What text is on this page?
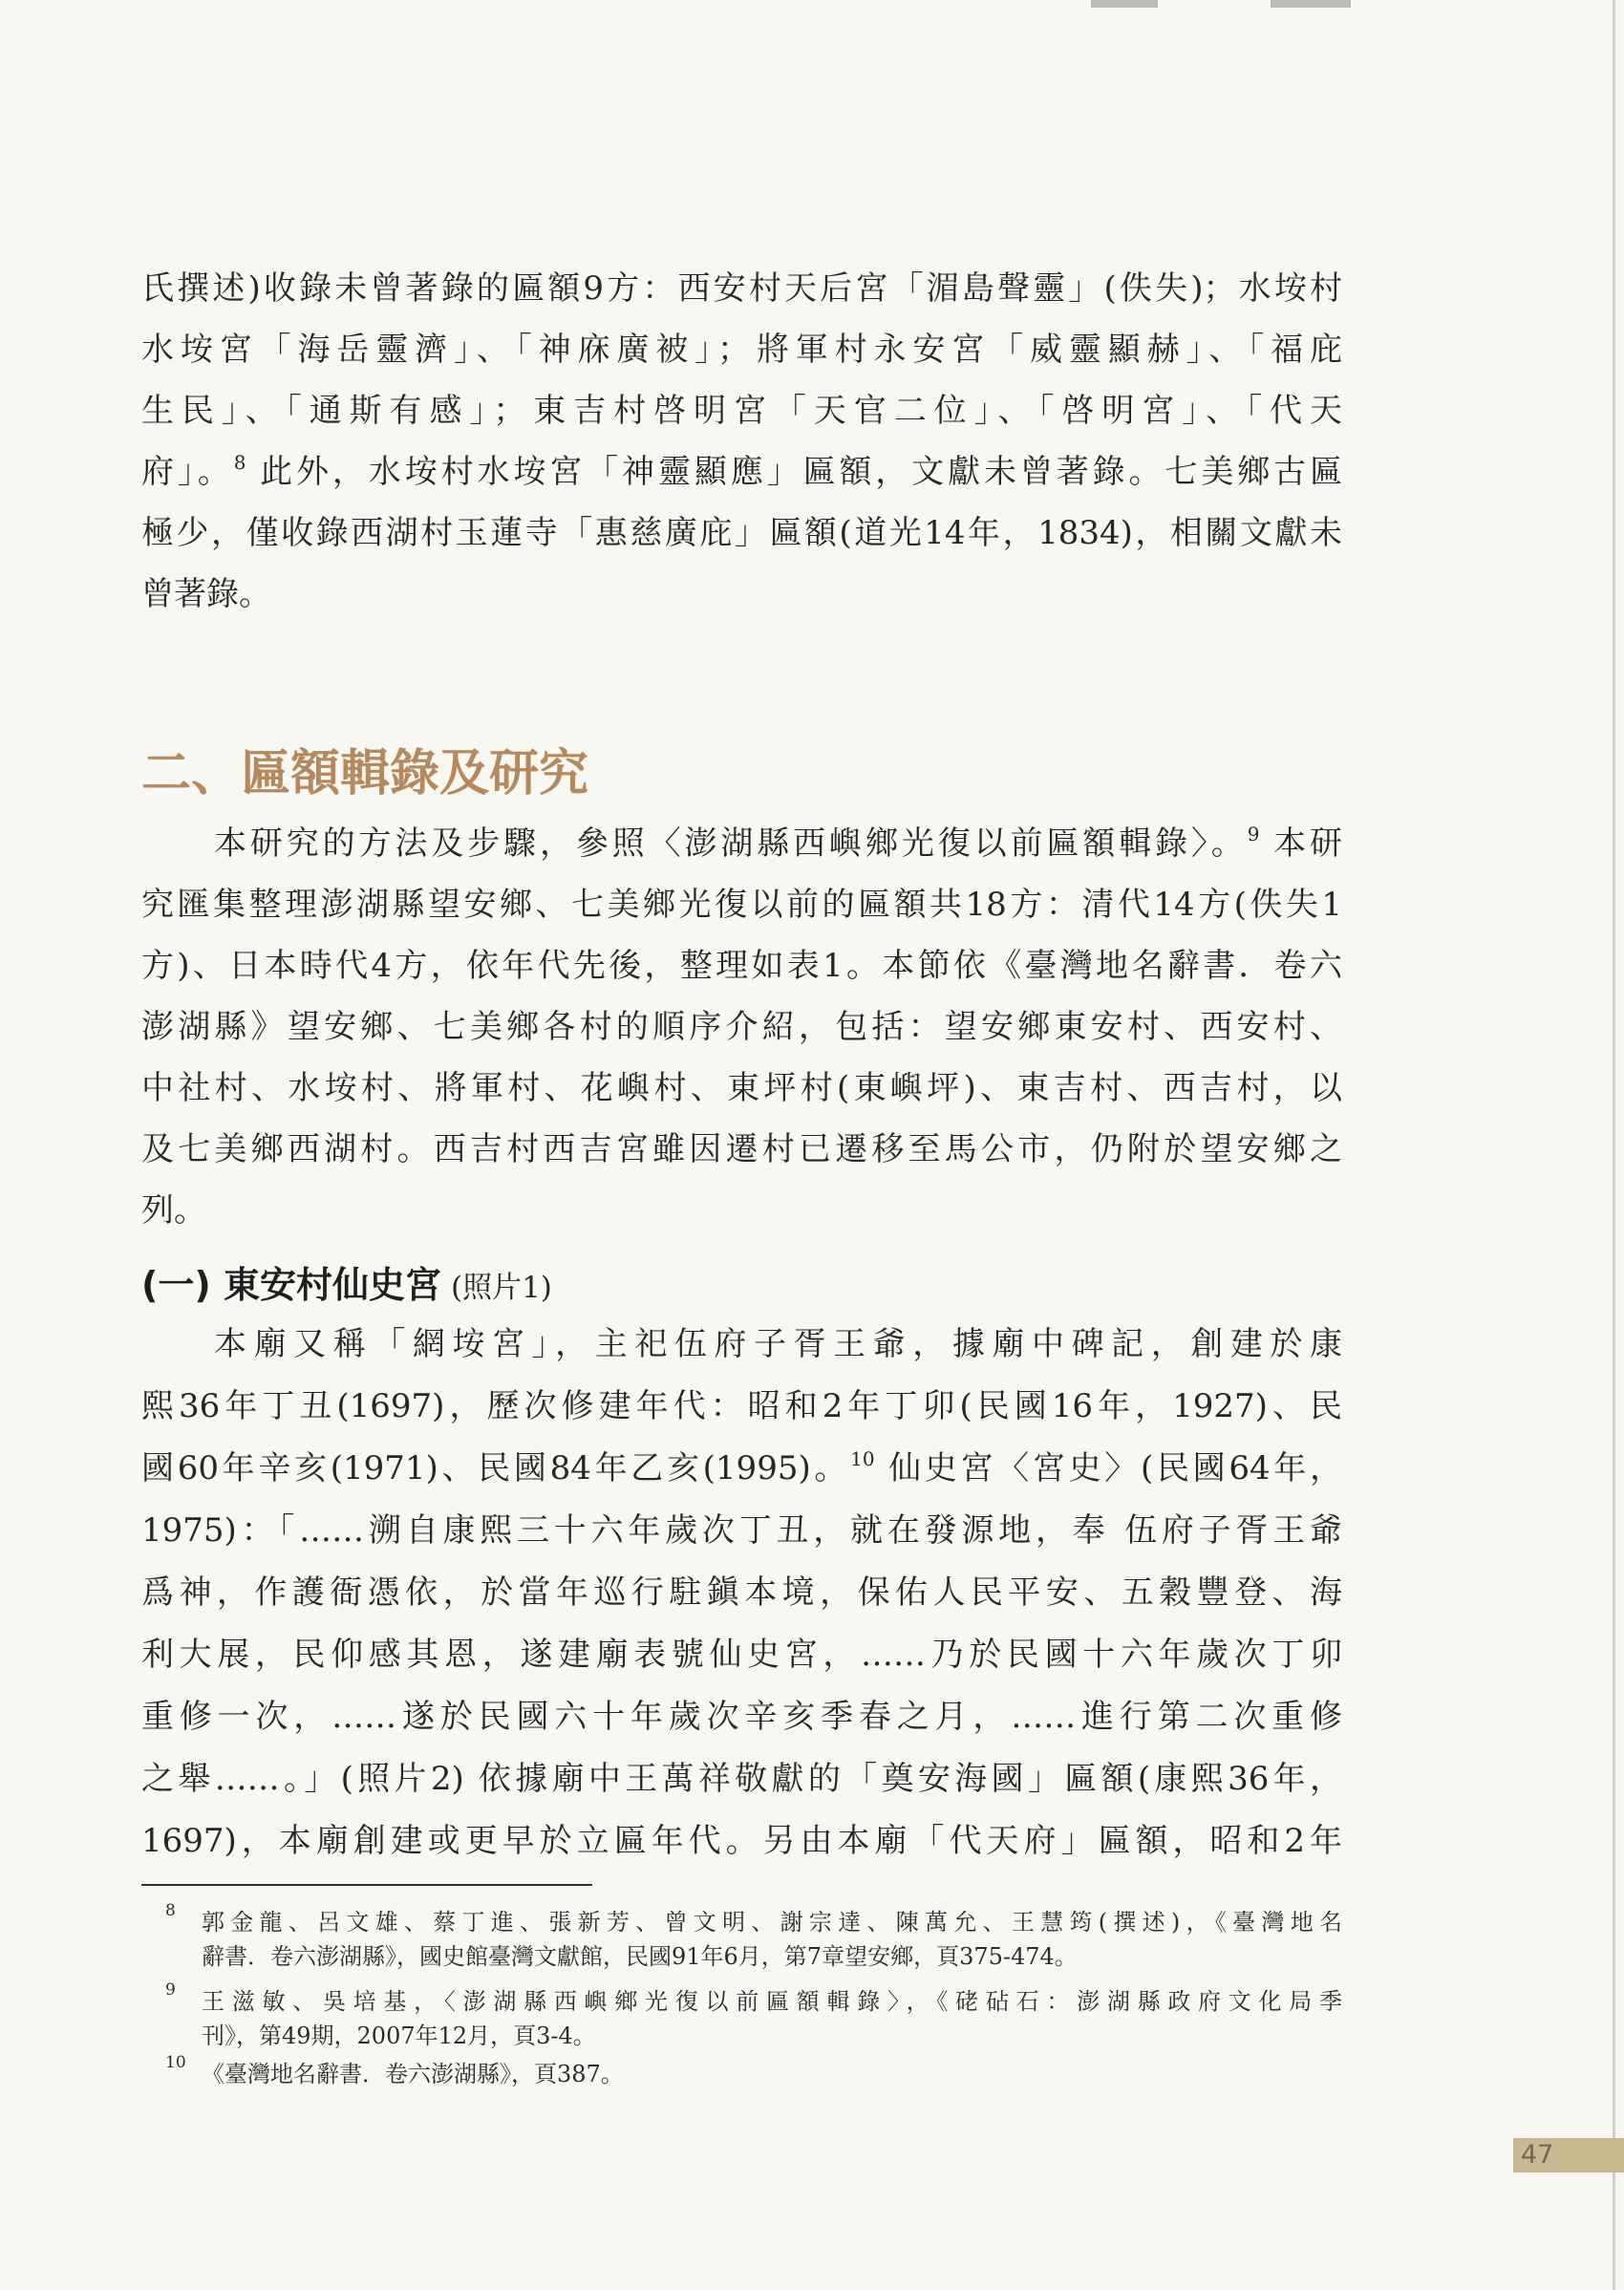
氏撰述)收錄未曾著錄的匾額9方：西安村天后宮「湄島聲靈」(佚失)；水垵村
水垵宮「海岳靈濟」、「神庥廣被」；將軍村永安宮「威靈顯赫」、「福庇
生民」、「通斯有感」；東吉村啓明宮「天官二位」、「啓明宮」、「代天
府」。$^8$ 此外，水垵村水垵宮「神靈顯應」匾額，文獻未曾著錄。七美鄉古匾
極少，僅收錄西湖村玉蓮寺「惠慈廣庇」匾額(道光14年，1834)，相關文獻未
曾著錄。
二、匾額輯錄及研究
本研究的方法及步驟，參照〈澎湖縣西嶼鄉光復以前匾額輯錄〉。$^9$ 本研
究匯集整理澎湖縣望安鄉、七美鄉光復以前的匾額共18方：清代14方(佚失1
方)、日本時代4方，依年代先後，整理如表1。本節依《臺灣地名辭書．卷六
澎湖縣》望安鄉、七美鄉各村的順序介紹，包括：望安鄉東安村、西安村、
中社村、水垵村、將軍村、花嶼村、東坪村(東嶼坪)、東吉村、西吉村，以
及七美鄉西湖村。西吉村西吉宮雖因遷村已遷移至馬公市，仍附於望安鄉之
列。
(一) 東安村仙史宮 (照片1)
本廟又稱「網垵宮」，主祀伍府子胥王爺，據廟中碑記，創建於康
熙36年丁丑(1697)，歷次修建年代：昭和2年丁卯(民國16年，1927)、民
國60年辛亥(1971)、民國84年乙亥(1995)。$^{10}$ 仙史宮〈宮史〉(民國64年，
1975)：「……溯自康熙三十六年歲次丁丑，就在發源地，奉 伍府子胥王爺
爲神，作護衙憑依，於當年巡行駐鎭本境，保佑人民平安、五穀豐登、海
利大展，民仰感其恩，遂建廟表號仙史宮，……乃於民國十六年歲次丁卯
重修一次，……遂於民國六十年歲次辛亥季春之月，……進行第二次重修
之舉……。」(照片2) 依據廟中王萬祥敬獻的「奠安海國」匾額(康熙36年，
1697)，本廟創建或更早於立匾年代。另由本廟「代天府」匾額，昭和2年
8 郭金龍、呂文雄、蔡丁進、張新芳、曾文明、謝宗達、陳萬允、王慧筠(撰述)，《臺灣地名
辭書．卷六澎湖縣》，國史館臺灣文獻館，民國91年6月，第7章望安鄉，頁375-474。
9 王滋敏、吳培基，〈澎湖縣西嶼鄉光復以前匾額輯錄〉，《硓砧石：澎湖縣政府文化局季
刊》，第49期，2007年12月，頁3-4。
10 《臺灣地名辭書．卷六澎湖縣》，頁387。
47
